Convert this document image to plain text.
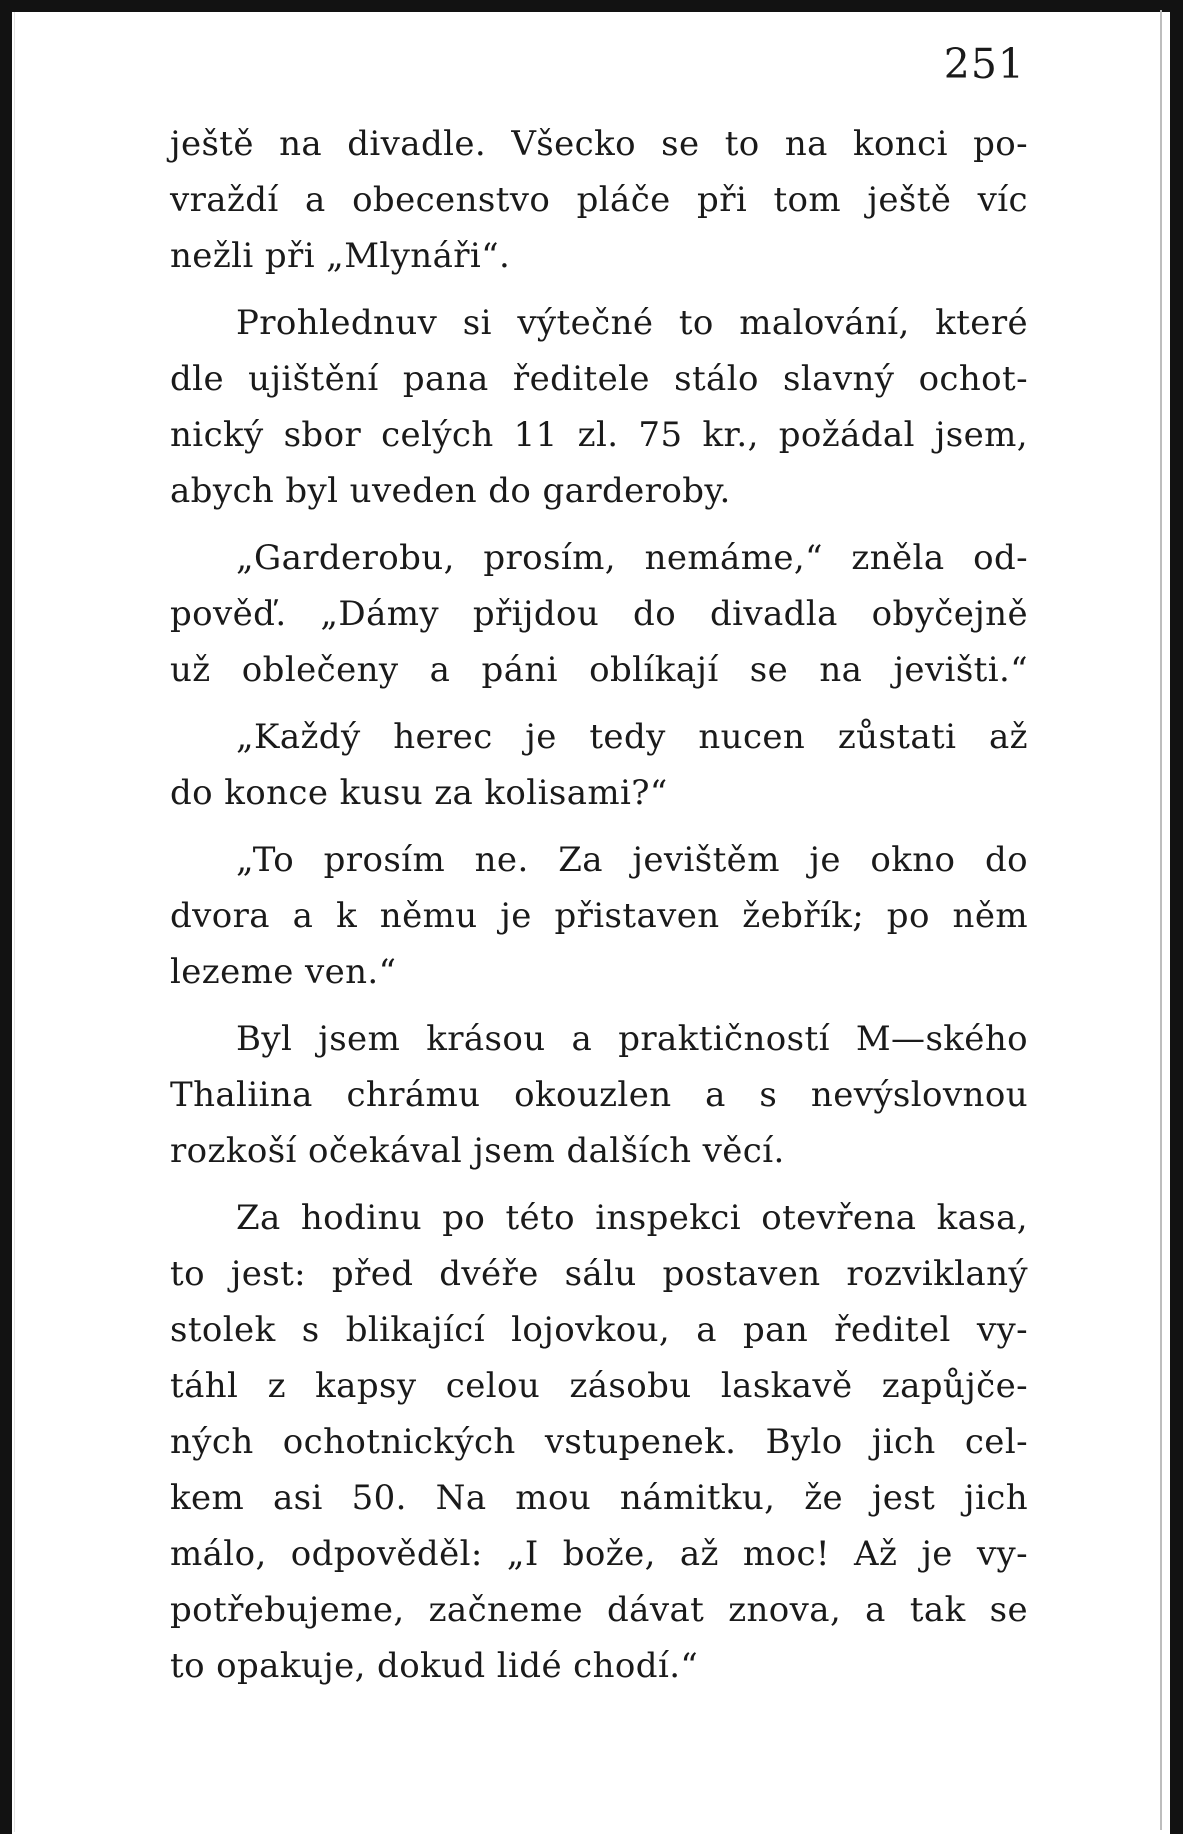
251
ještě na divadle. Všecko se to na konci po-
vraždí a obecenstvo pláče při tom ještě víc
nežli při „Mlynáři“.
Prohlednuv si výtečné to malování, které
dle ujištění pana ředitele stálo slavný ochot-
nický sbor celých 11 zl. 75 kr., požádal jsem,
abych byl uveden do garderoby.
„Garderobu, prosím, nemáme,“ zněla od-
pověď. „Dámy přijdou do divadla obyčejně
už oblečeny a páni oblíkají se na jevišti.“
„Každý herec je tedy nucen zůstati až
do konce kusu za kolisami?“
„To prosím ne. Za jevištěm je okno do
dvora a k němu je přistaven žebřík; po něm
lezeme ven.“
Byl jsem krásou a praktičností M—ského
Thaliina chrámu okouzlen a s nevýslovnou
rozkoší očekával jsem dalších věcí.
Za hodinu po této inspekci otevřena kasa,
to jest: před dvéře sálu postaven rozviklaný
stolek s blikající lojovkou, a pan ředitel vy-
táhl z kapsy celou zásobu laskavě zapůjče-
ných ochotnických vstupenek. Bylo jich cel-
kem asi 50. Na mou námitku, že jest jich
málo, odpověděl: „I bože, až moc! Až je vy-
potřebujeme, začneme dávat znova, a tak se
to opakuje, dokud lidé chodí.“
